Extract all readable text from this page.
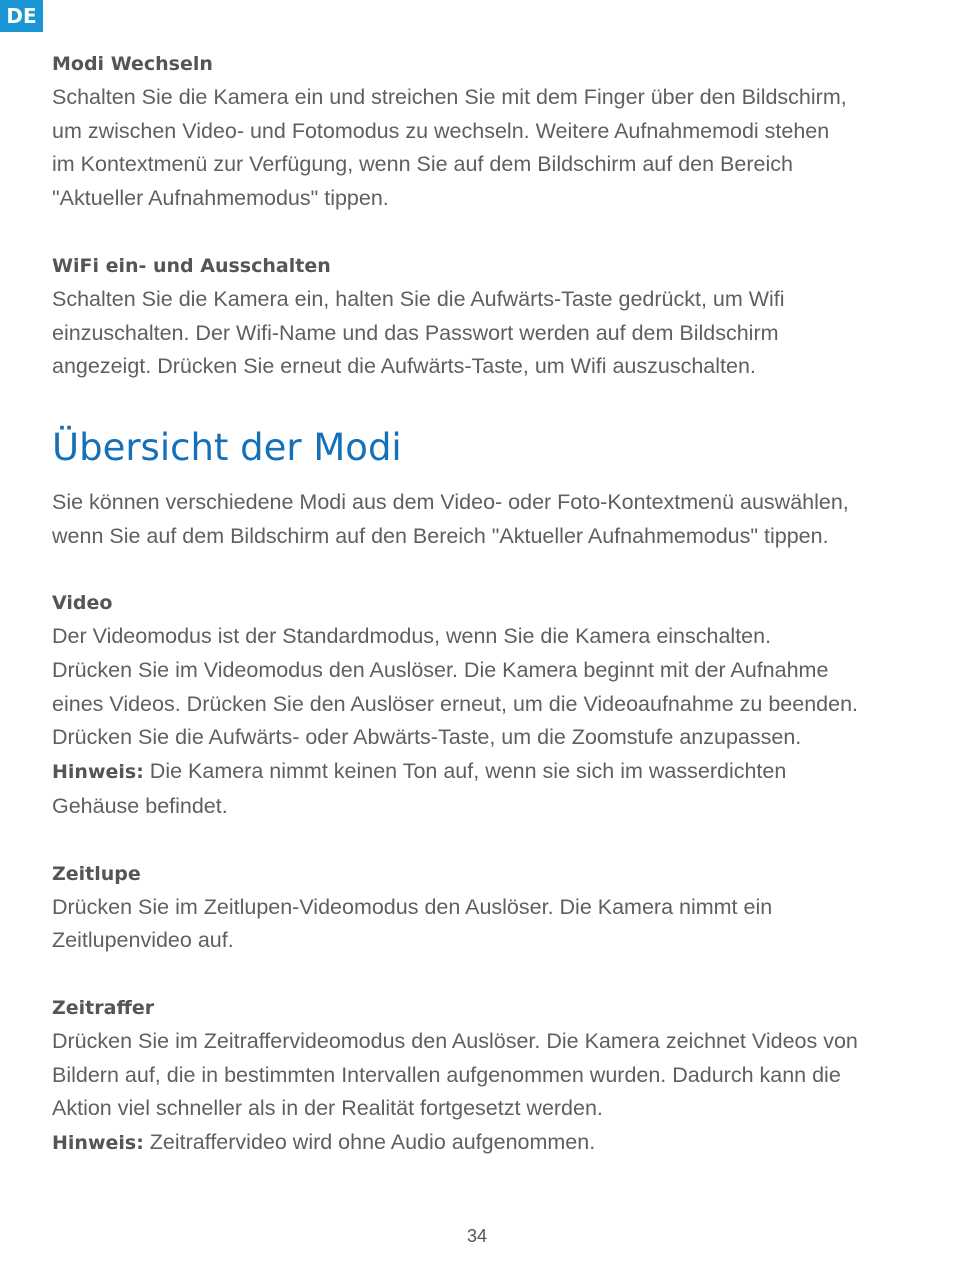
DE
Modi Wechseln

Schalten Sie die Kamera ein und streichen Sie mit dem Finger über den Bildschirm,
um zwischen Video- und Fotomodus zu wechseln. Weitere Aufnahmemodi stehen
im Kontextmenü zur Verfügung, wenn Sie auf dem Bildschirm auf den Bereich
"Aktueller Aufnahmemodus" tippen.

WiFi ein- und Ausschalten

Schalten Sie die Kamera ein, halten Sie die Aufwärts-Taste gedrückt, um Wifi
einzuschalten. Der Wifi-Name und das Passwort werden auf dem Bildschirm
angezeigt. Drücken Sie erneut die Aufwärts-Taste, um Wifi auszuschalten.

Übersicht der Modi

Sie können verschiedene Modi aus dem Video- oder Foto-Kontextmenü auswählen,
wenn Sie auf dem Bildschirm auf den Bereich "Aktueller Aufnahmemodus" tippen.

Video

Der Videomodus ist der Standardmodus, wenn Sie die Kamera einschalten.
Drücken Sie im Videomodus den Auslöser. Die Kamera beginnt mit der Aufnahme
eines Videos. Drücken Sie den Auslöser erneut, um die Videoaufnahme zu beenden.
Drücken Sie die Aufwärts- oder Abwärts-Taste, um die Zoomstufe anzupassen.
Hinweis: Die Kamera nimmt keinen Ton auf, wenn sie sich im wasserdichten
Gehäuse befindet.

Zeitlupe

Drücken Sie im Zeitlupen-Videomodus den Auslöser. Die Kamera nimmt ein
Zeitlupenvideo auf.

Zeitraffer

Drücken Sie im Zeitraffervideomodus den Auslöser. Die Kamera zeichnet Videos von
Bildern auf, die in bestimmten Intervallen aufgenommen wurden. Dadurch kann die
Aktion viel schneller als in der Realität fortgesetzt werden.
Hinweis: Zeitraffervideo wird ohne Audio aufgenommen.

34
